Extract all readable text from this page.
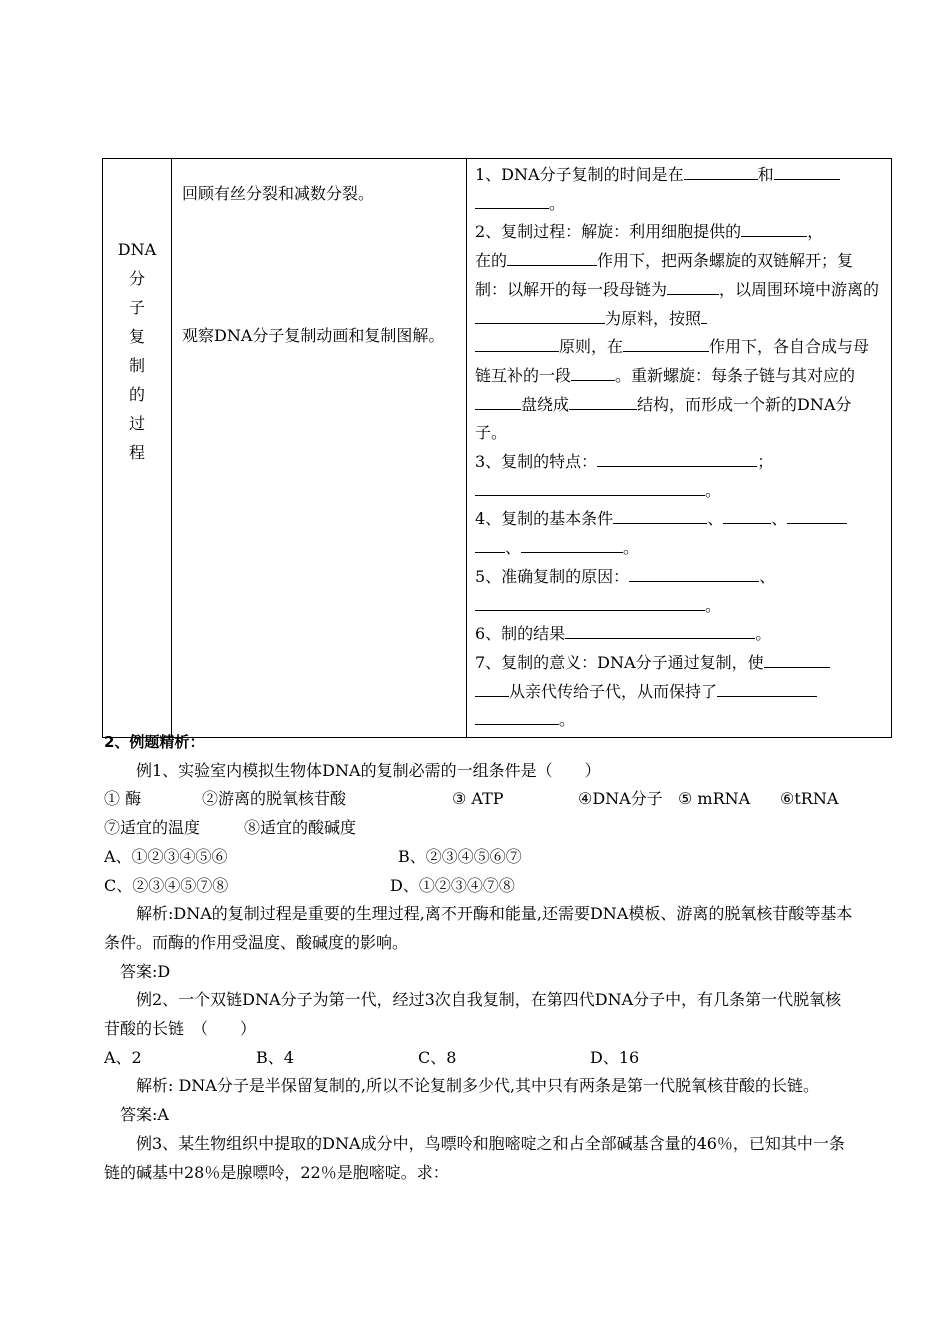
DNA
分
子
复
制
的
过
程

回顾有丝分裂和减数分裂。
观察DNA分子复制动画和复制图解。

1、DNA分子复制的时间是在	和
。

2、复制过程：解旋：利用细胞提供的	，
在的	作用下，把两条螺旋的双链解开；复制：以解开的每一段母链为	，以周围环境中游离的为原料，按照
原则，在	作用下，各自合成与母链互补的一段	。重新螺旋：每条子链与其对应的盘绕成	结构，而形成一个新的DNA分子。

3、复制的特点：	；
。

4、复制的基本条件	、	、
、	。

5、准确复制的原因：	、
。

6、制的结果	。

7、复制的意义：DNA分子通过复制，使
从亲代传给子代，从而保持了
。

2、例题精析：

例1、实验室内模拟生物体DNA的复制必需的一组条件是（　　）

① 酶	②游离的脱氧核苷酸	③ ATP	④DNA分子 ⑤ mRNA ⑥tRNA

⑦适宜的温度	⑧适宜的酸碱度

A、①②③④⑤⑥	B、②③④⑤⑥⑦

C、②③④⑤⑦⑧	D、①②③④⑦⑧

解析:DNA的复制过程是重要的生理过程,离不开酶和能量,还需要DNA模板、游离的脱氧核苷酸等基本条件。而酶的作用受温度、酸碱度的影响。

答案:D

例2、一个双链DNA分子为第一代，经过3次自我复制，在第四代DNA分子中，有几条第一代脱氧核苷酸的长链　（　　）

A、2	B、4	C、8	D、16

解析: DNA分子是半保留复制的,所以不论复制多少代,其中只有两条是第一代脱氧核苷酸的长链。

答案:A

例3、某生物组织中提取的DNA成分中，鸟嘌呤和胞嘧啶之和占全部碱基含量的46％，已知其中一条链的碱基中28％是腺嘌呤，22％是胞嘧啶。求：
